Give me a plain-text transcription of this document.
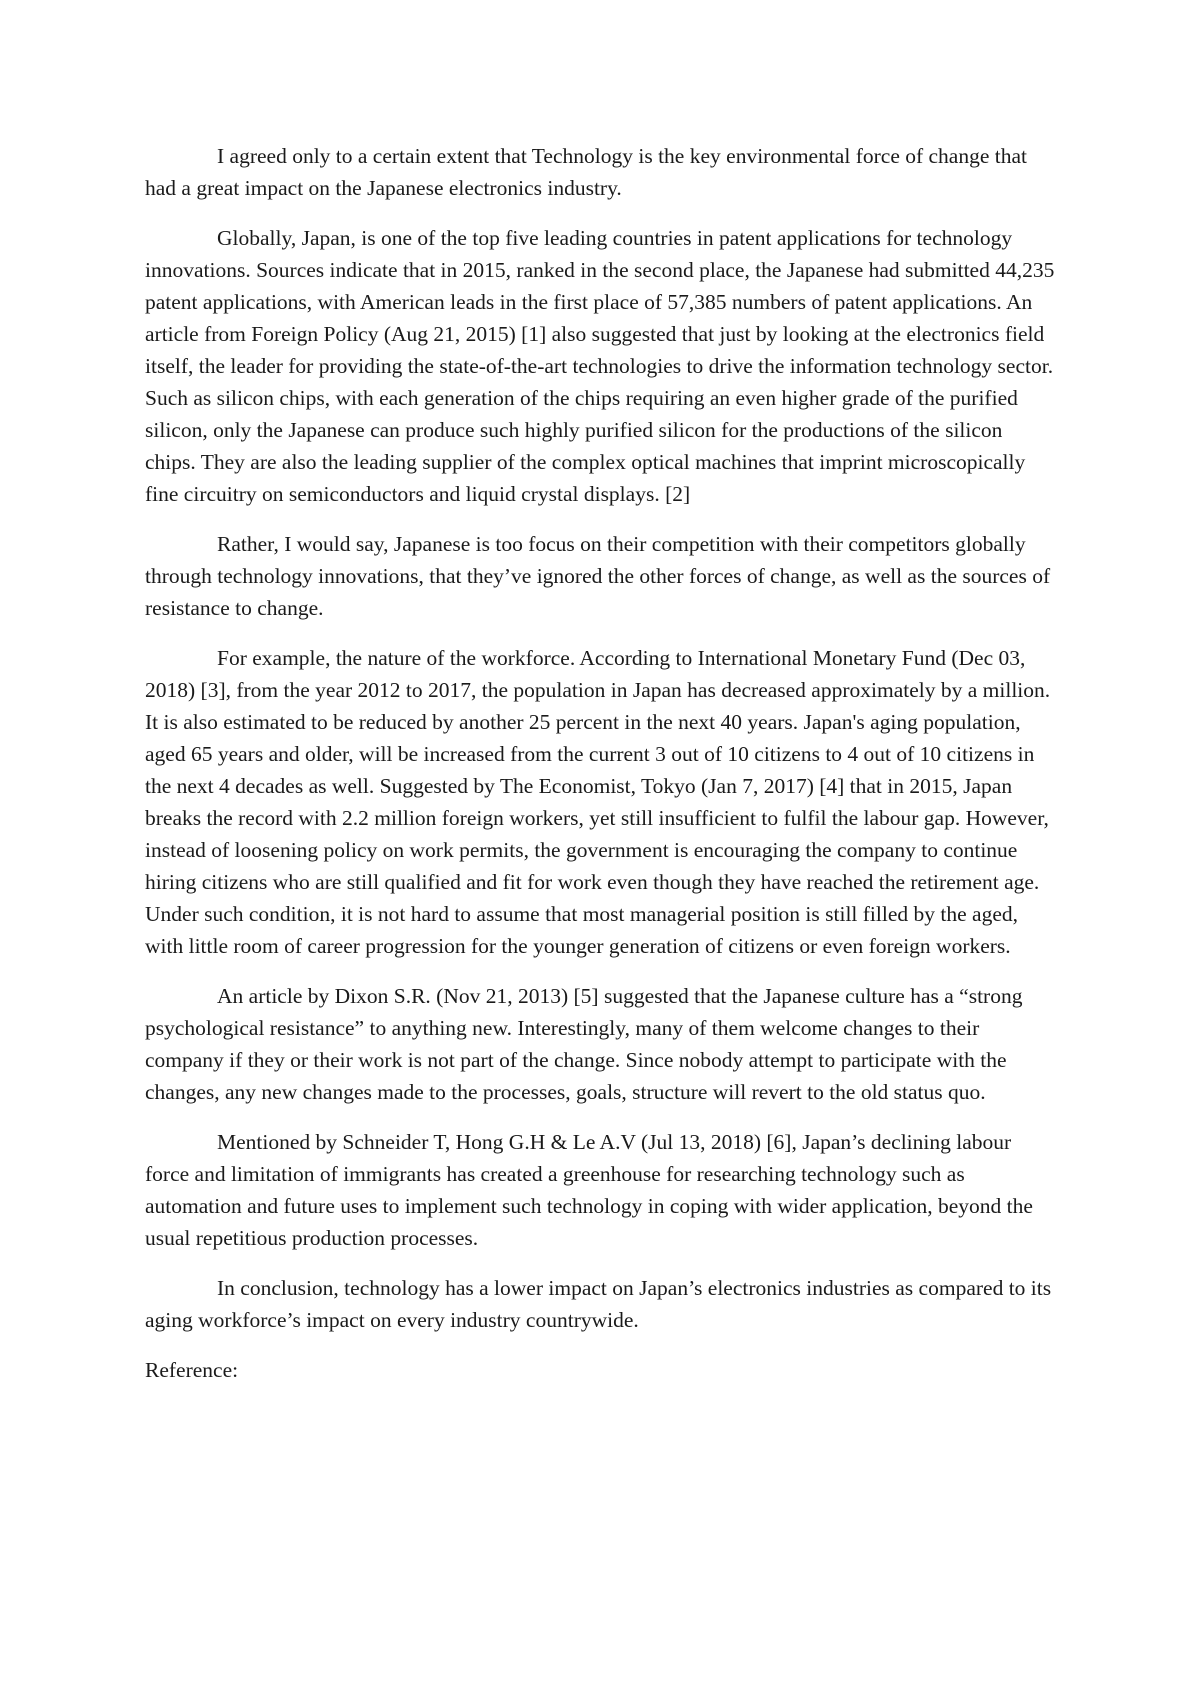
I agreed only to a certain extent that Technology is the key environmental force of change that had a great impact on the Japanese electronics industry.

Globally, Japan, is one of the top five leading countries in patent applications for technology innovations. Sources indicate that in 2015, ranked in the second place, the Japanese had submitted 44,235 patent applications, with American leads in the first place of 57,385 numbers of patent applications. An article from Foreign Policy (Aug 21, 2015) [1] also suggested that just by looking at the electronics field itself, the leader for providing the state-of-the-art technologies to drive the information technology sector. Such as silicon chips, with each generation of the chips requiring an even higher grade of the purified silicon, only the Japanese can produce such highly purified silicon for the productions of the silicon chips. They are also the leading supplier of the complex optical machines that imprint microscopically fine circuitry on semiconductors and liquid crystal displays. [2]

Rather, I would say, Japanese is too focus on their competition with their competitors globally through technology innovations, that they’ve ignored the other forces of change, as well as the sources of resistance to change.

For example, the nature of the workforce. According to International Monetary Fund (Dec 03, 2018) [3], from the year 2012 to 2017, the population in Japan has decreased approximately by a million. It is also estimated to be reduced by another 25 percent in the next 40 years. Japan's aging population, aged 65 years and older, will be increased from the current 3 out of 10 citizens to 4 out of 10 citizens in the next 4 decades as well. Suggested by The Economist, Tokyo (Jan 7, 2017) [4] that in 2015, Japan breaks the record with 2.2 million foreign workers, yet still insufficient to fulfil the labour gap. However, instead of loosening policy on work permits, the government is encouraging the company to continue hiring citizens who are still qualified and fit for work even though they have reached the retirement age. Under such condition, it is not hard to assume that most managerial position is still filled by the aged, with little room of career progression for the younger generation of citizens or even foreign workers.

An article by Dixon S.R. (Nov 21, 2013) [5] suggested that the Japanese culture has a “strong psychological resistance” to anything new. Interestingly, many of them welcome changes to their company if they or their work is not part of the change. Since nobody attempt to participate with the changes, any new changes made to the processes, goals, structure will revert to the old status quo.

Mentioned by Schneider T, Hong G.H & Le A.V (Jul 13, 2018) [6], Japan’s declining labour force and limitation of immigrants has created a greenhouse for researching technology such as automation and future uses to implement such technology in coping with wider application, beyond the usual repetitious production processes.

In conclusion, technology has a lower impact on Japan’s electronics industries as compared to its aging workforce’s impact on every industry countrywide.

Reference:
